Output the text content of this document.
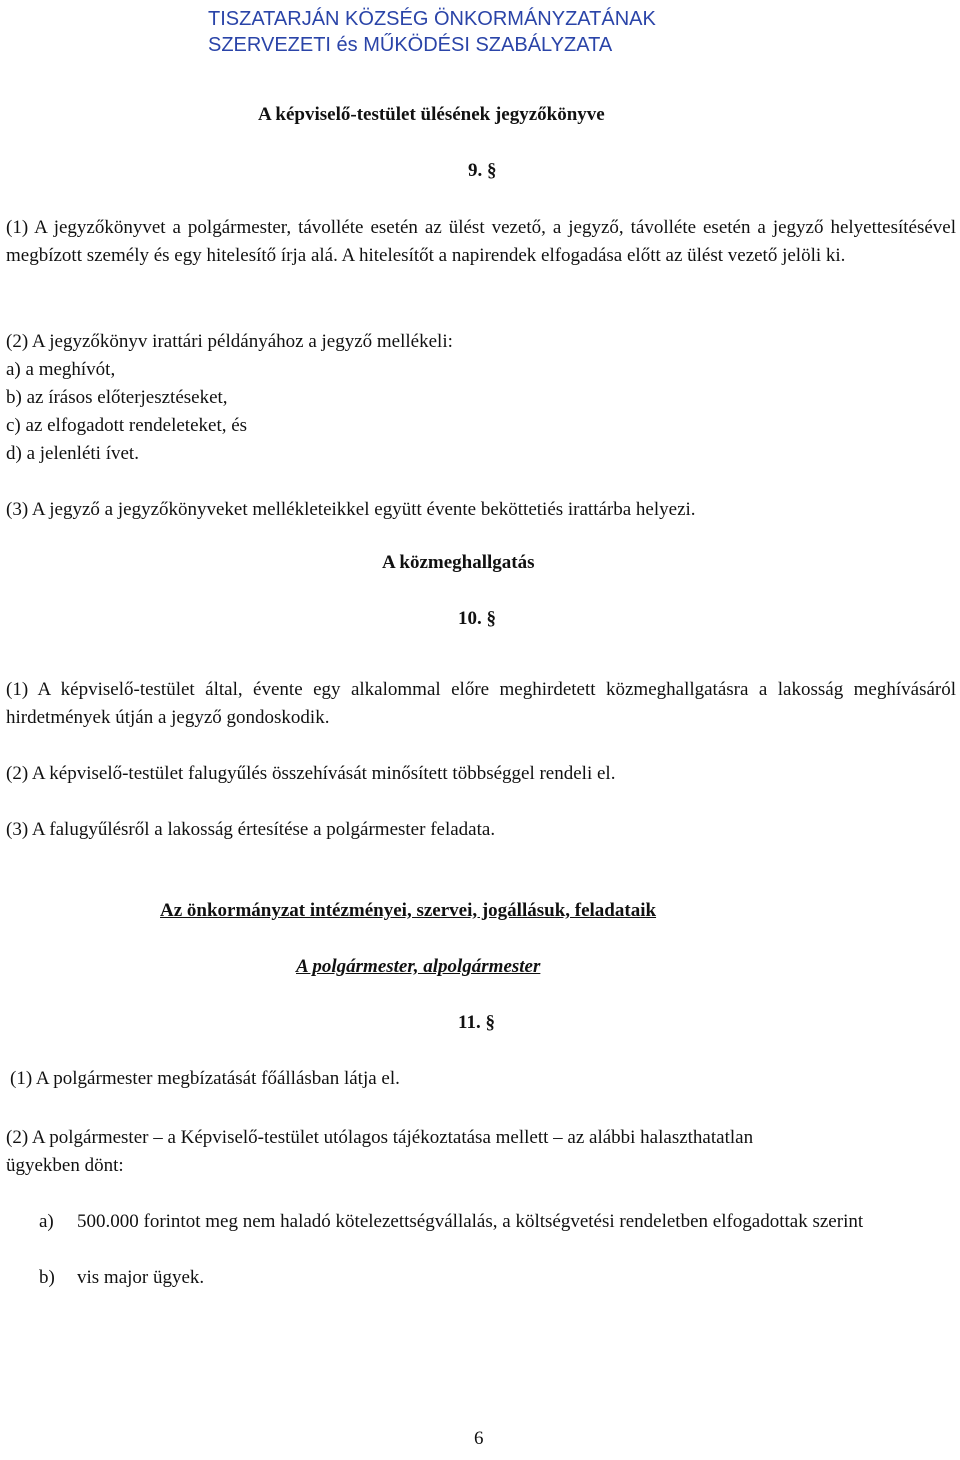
TISZATARJÁN KÖZSÉG ÖNKORMÁNYZATÁNAK
SZERVEZETI és MŰKÖDÉSI SZABÁLYZATA
A képviselő-testület ülésének jegyzőkönyve
9. §
(1) A jegyzőkönyvet a polgármester, távolléte esetén az ülést vezető, a jegyző, távolléte esetén a jegyző helyettesítésével megbízott személy és egy hitelesítő írja alá. A hitelesítőt a napirendek elfogadása előtt az ülést vezető jelöli ki.
(2) A jegyzőkönyv irattári példányához a jegyző mellékeli:
a) a meghívót,
b) az írásos előterjesztéseket,
c) az elfogadott rendeleteket, és
d) a jelenléti ívet.
(3) A jegyző a jegyzőkönyveket mellékleteikkel együtt évente beköttetiés irattárba helyezi.
A közmeghallgatás
10. §
(1) A képviselő-testület által, évente egy alkalommal előre meghirdetett közmeghallgatásra a lakosság meghívásáról hirdetmények útján a jegyző gondoskodik.
(2) A képviselő-testület falugyűlés összehívását minősített többséggel rendeli el.
(3) A falugyűlésről a lakosság értesítése a polgármester feladata.
Az önkormányzat intézményei, szervei, jogállásuk, feladataik
A polgármester, alpolgármester
11. §
(1) A polgármester megbízatását főállásban látja el.
(2) A polgármester – a Képviselő-testület utólagos tájékoztatása mellett – az alábbi halaszthatatlan ügyekben dönt:
a) 500.000 forintot meg nem haladó kötelezettségvállalás, a költségvetési rendeletben elfogadottak szerint
b) vis major ügyek.
6
